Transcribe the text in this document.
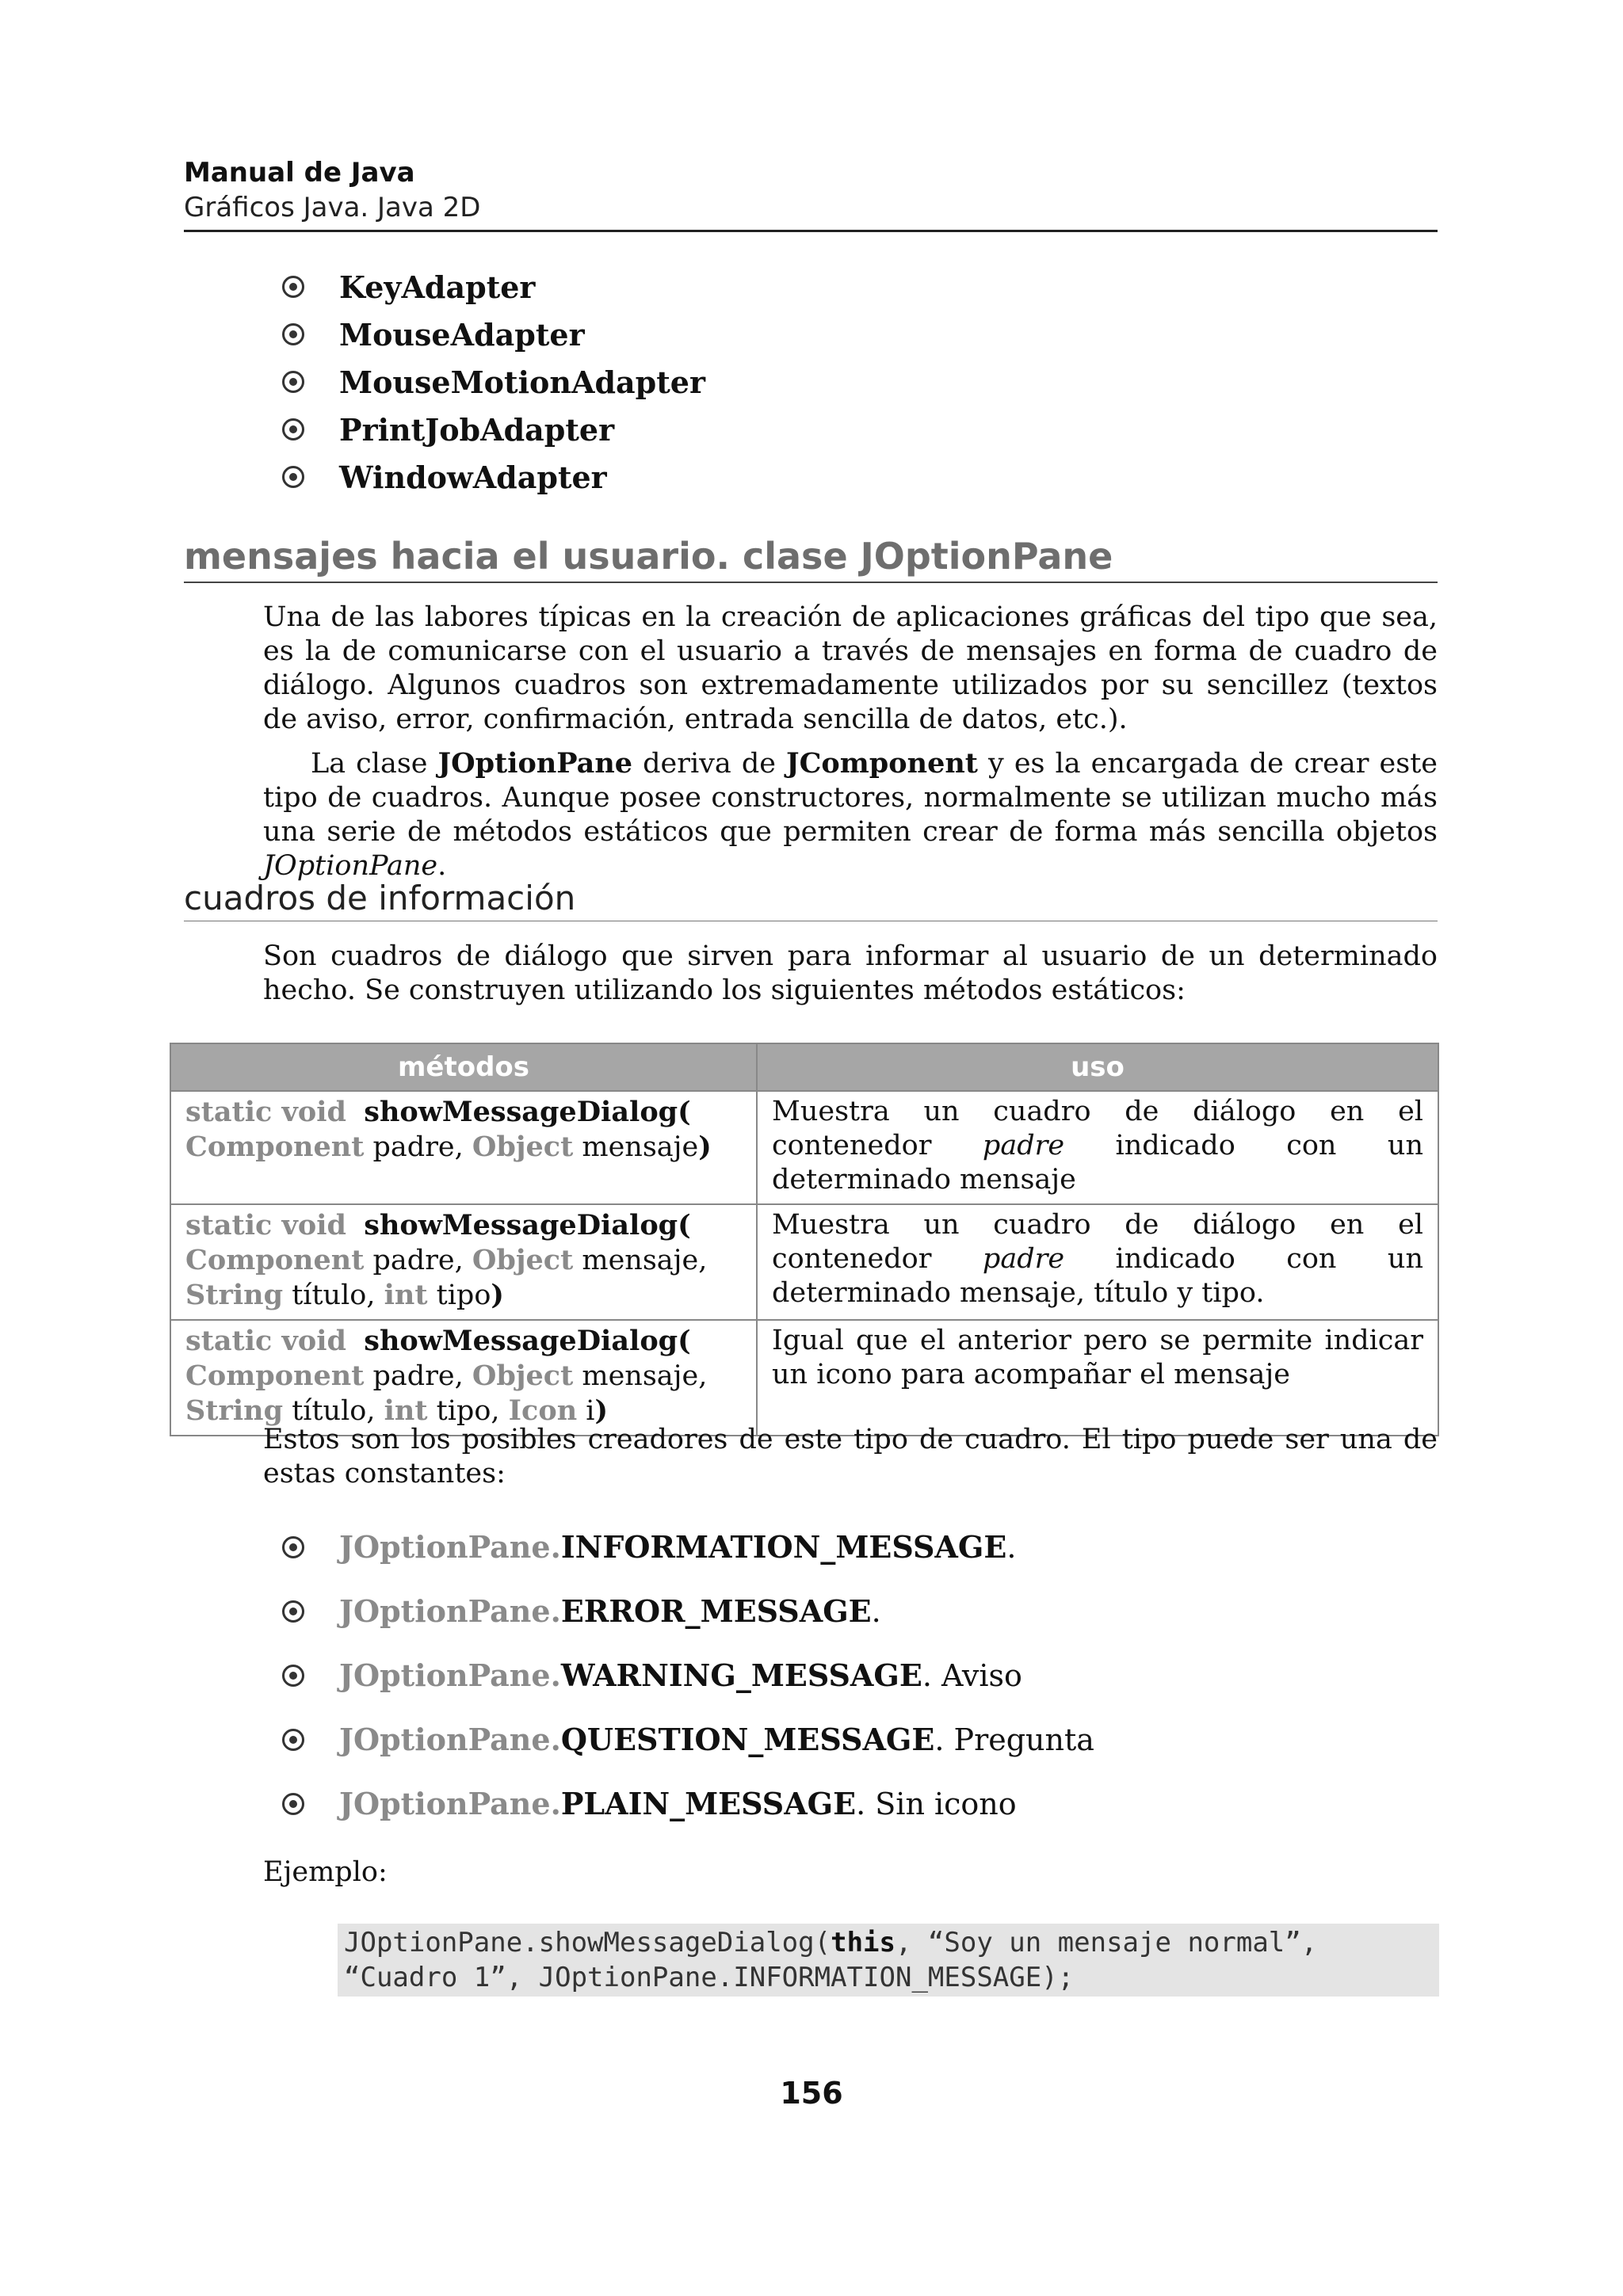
Manual de Java
Gráficos Java. Java 2D
KeyAdapter
MouseAdapter
MouseMotionAdapter
PrintJobAdapter
WindowAdapter
mensajes hacia el usuario. clase JOptionPane

Una de las labores típicas en la creación de aplicaciones gráficas del tipo que sea, es la de comunicarse con el usuario a través de mensajes en forma de cuadro de diálogo. Algunos cuadros son extremadamente utilizados por su sencillez (textos de aviso, error, confirmación, entrada sencilla de datos, etc.).

La clase JOptionPane deriva de JComponent y es la encargada de crear este tipo de cuadros. Aunque posee constructores, normalmente se utilizan mucho más una serie de métodos estáticos que permiten crear de forma más sencilla objetos JOptionPane.

cuadros de información

Son cuadros de diálogo que sirven para informar al usuario de un determinado hecho. Se construyen utilizando los siguientes métodos estáticos:

métodos	uso
static void showMessageDialog(
Component padre, Object mensaje)	Muestra un cuadro de diálogo en el contenedor padre indicado con un determinado mensaje
static void showMessageDialog(
Component padre, Object mensaje,
String título, int tipo)	Muestra un cuadro de diálogo en el contenedor padre indicado con un determinado mensaje, título y tipo.
static void showMessageDialog(
Component padre, Object mensaje,
String título, int tipo, Icon i)	Igual que el anterior pero se permite indicar un icono para acompañar el mensaje

Estos son los posibles creadores de este tipo de cuadro. El tipo puede ser una de estas constantes:

JOptionPane. INFORMATION_MESSAGE .
JOptionPane. ERROR_MESSAGE .
JOptionPane. WARNING_MESSAGE . Aviso
JOptionPane. QUESTION_MESSAGE . Pregunta
JOptionPane. PLAIN_MESSAGE . Sin icono

Ejemplo:

JOptionPane.showMessageDialog(this, “Soy un mensaje normal”,
“Cuadro 1”, JOptionPane.INFORMATION_MESSAGE);
156
